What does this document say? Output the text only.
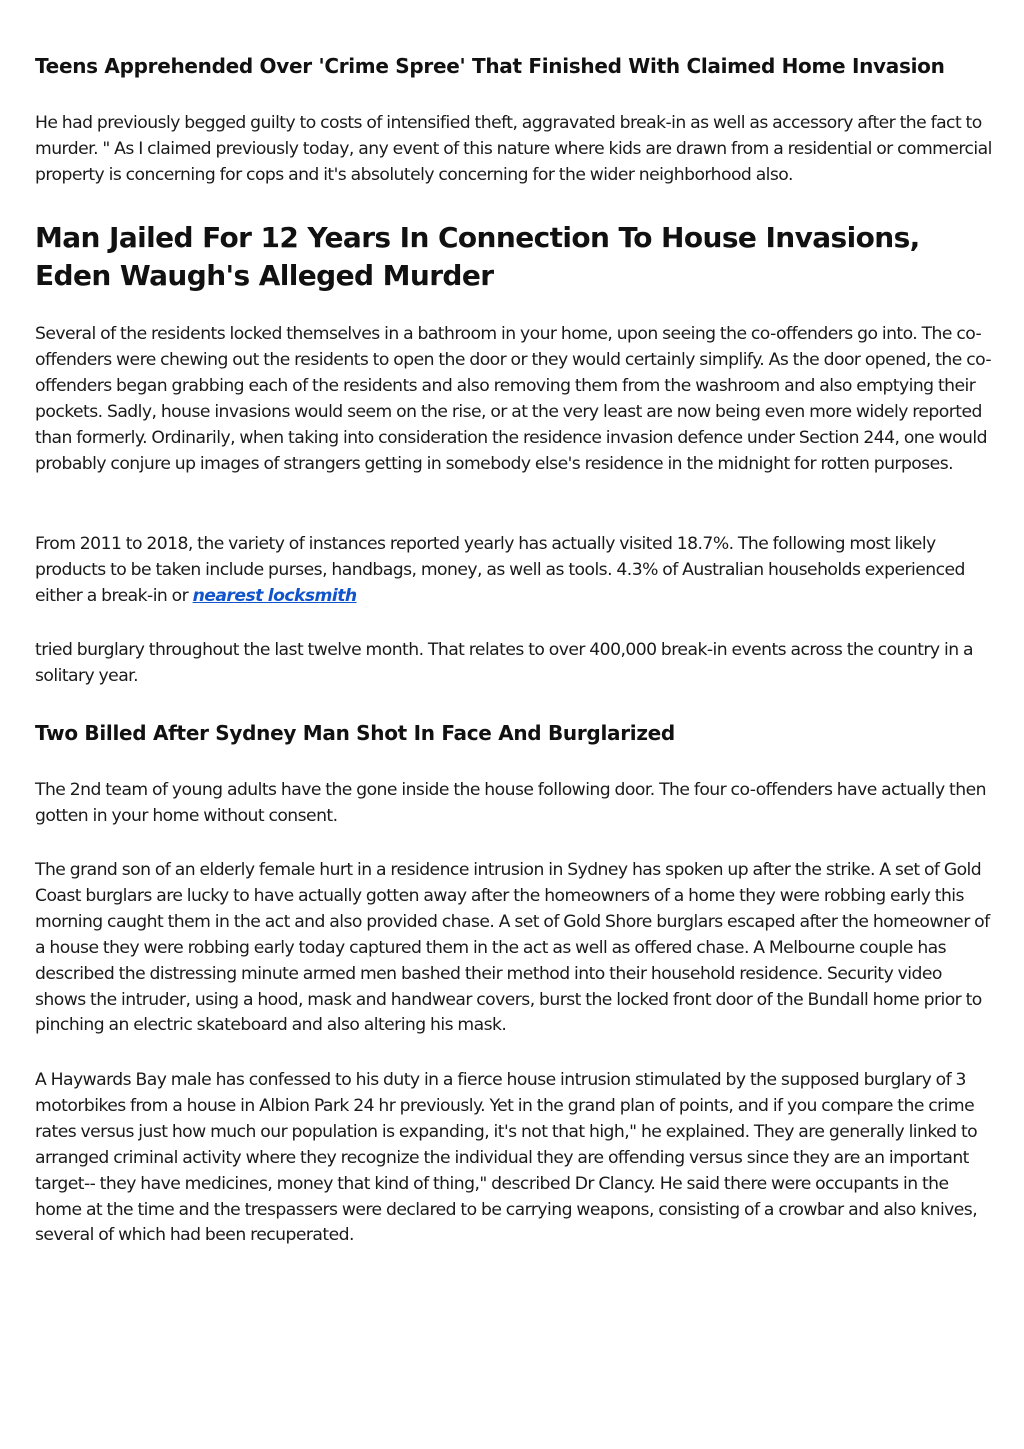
Teens Apprehended Over 'Crime Spree' That Finished With Claimed Home Invasion

He had previously begged guilty to costs of intensified theft, aggravated break-in as well as accessory after the fact to murder. " As I claimed previously today, any event of this nature where kids are drawn from a residential or commercial property is concerning for cops and it's absolutely concerning for the wider neighborhood also.

Man Jailed For 12 Years In Connection To House Invasions, Eden Waugh's Alleged Murder

Several of the residents locked themselves in a bathroom in your home, upon seeing the co-offenders go into. The co-offenders were chewing out the residents to open the door or they would certainly simplify. As the door opened, the co-offenders began grabbing each of the residents and also removing them from the washroom and also emptying their pockets. Sadly, house invasions would seem on the rise, or at the very least are now being even more widely reported than formerly. Ordinarily, when taking into consideration the residence invasion defence under Section 244, one would probably conjure up images of strangers getting in somebody else's residence in the midnight for rotten purposes.

From 2011 to 2018, the variety of instances reported yearly has actually visited 18.7%. The following most likely products to be taken include purses, handbags, money, as well as tools. 4.3% of Australian households experienced either a break-in or nearest locksmith

tried burglary throughout the last twelve month. That relates to over 400,000 break-in events across the country in a solitary year.

Two Billed After Sydney Man Shot In Face And Burglarized

The 2nd team of young adults have the gone inside the house following door. The four co-offenders have actually then gotten in your home without consent.

The grand son of an elderly female hurt in a residence intrusion in Sydney has spoken up after the strike. A set of Gold Coast burglars are lucky to have actually gotten away after the homeowners of a home they were robbing early this morning caught them in the act and also provided chase. A set of Gold Shore burglars escaped after the homeowner of a house they were robbing early today captured them in the act as well as offered chase. A Melbourne couple has described the distressing minute armed men bashed their method into their household residence. Security video shows the intruder, using a hood, mask and handwear covers, burst the locked front door of the Bundall home prior to pinching an electric skateboard and also altering his mask.

A Haywards Bay male has confessed to his duty in a fierce house intrusion stimulated by the supposed burglary of 3 motorbikes from a house in Albion Park 24 hr previously. Yet in the grand plan of points, and if you compare the crime rates versus just how much our population is expanding, it's not that high," he explained. They are generally linked to arranged criminal activity where they recognize the individual they are offending versus since they are an important target-- they have medicines, money that kind of thing," described Dr Clancy. He said there were occupants in the home at the time and the trespassers were declared to be carrying weapons, consisting of a crowbar and also knives, several of which had been recuperated.
